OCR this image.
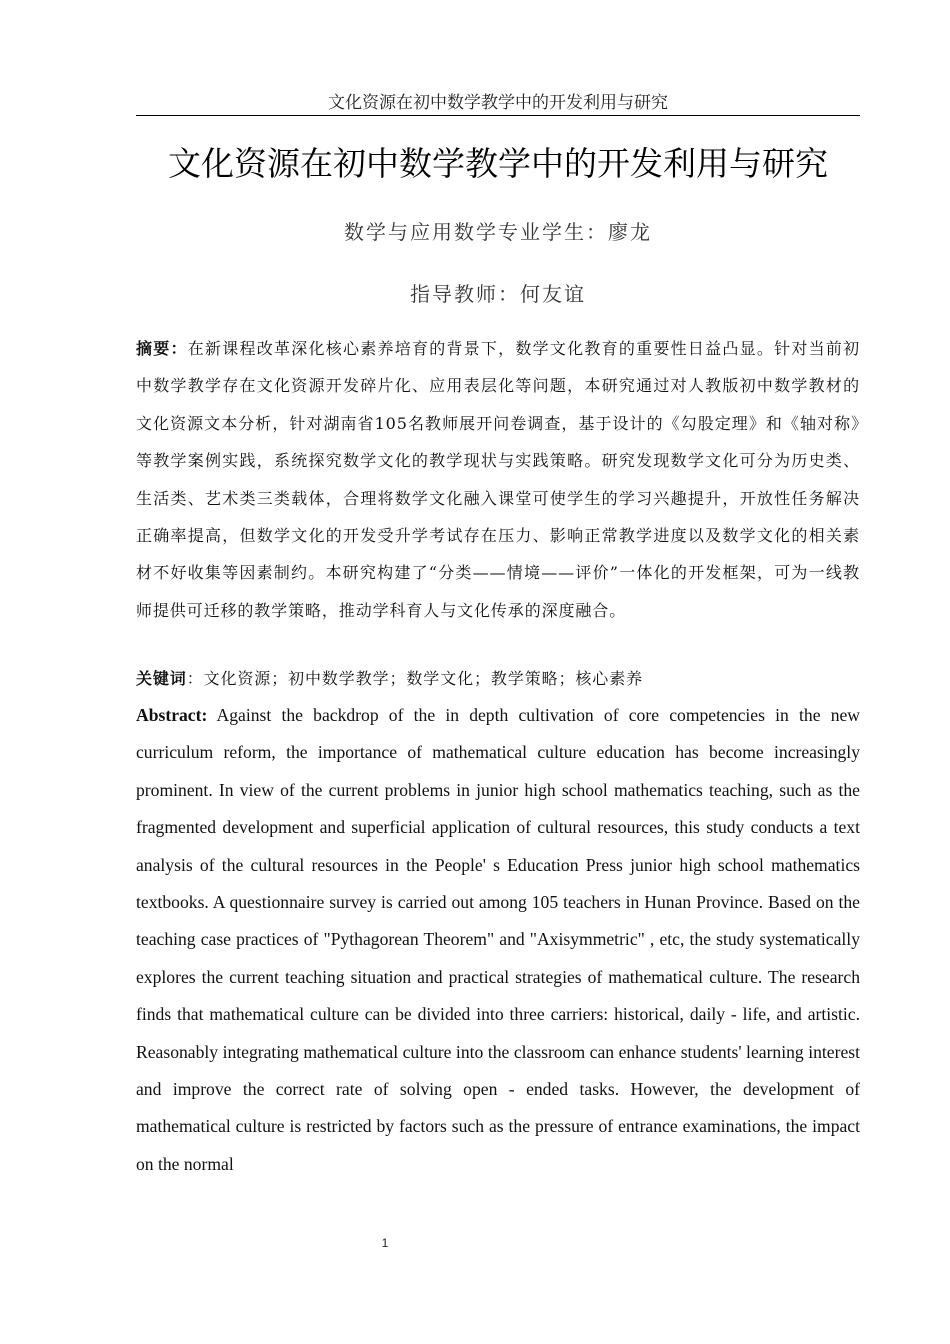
文化资源在初中数学教学中的开发利用与研究
文化资源在初中数学教学中的开发利用与研究
数学与应用数学专业学生：廖龙
指导教师：何友谊
摘要：在新课程改革深化核心素养培育的背景下，数学文化教育的重要性日益凸显。针对当前初中数学教学存在文化资源开发碎片化、应用表层化等问题，本研究通过对人教版初中数学教材的文化资源文本分析，针对湖南省105名教师展开问卷调查，基于设计的《勾股定理》和《轴对称》等教学案例实践，系统探究数学文化的教学现状与实践策略。研究发现数学文化可分为历史类、生活类、艺术类三类载体，合理将数学文化融入课堂可使学生的学习兴趣提升，开放性任务解决正确率提高，但数学文化的开发受升学考试存在压力、影响正常教学进度以及数学文化的相关素材不好收集等因素制约。本研究构建了“分类——情境——评价”一体化的开发框架，可为一线教师提供可迁移的教学策略，推动学科育人与文化传承的深度融合。
关键词：文化资源；初中数学教学；数学文化；教学策略；核心素养
Abstract: Against the backdrop of the in depth cultivation of core competencies in the new curriculum reform, the importance of mathematical culture education has become increasingly prominent. In view of the current problems in junior high school mathematics teaching, such as the fragmented development and superficial application of cultural resources, this study conducts a text analysis of the cultural resources in the People' s Education Press junior high school mathematics textbooks. A questionnaire survey is carried out among 105 teachers in Hunan Province. Based on the teaching case practices of "Pythagorean Theorem" and "Axisymmetric" , etc, the study systematically explores the current teaching situation and practical strategies of mathematical culture. The research finds that mathematical culture can be divided into three carriers: historical, daily - life, and artistic. Reasonably integrating mathematical culture into the classroom can enhance students' learning interest and improve the correct rate of solving open - ended tasks. However, the development of mathematical culture is restricted by factors such as the pressure of entrance examinations, the impact on the normal
1
